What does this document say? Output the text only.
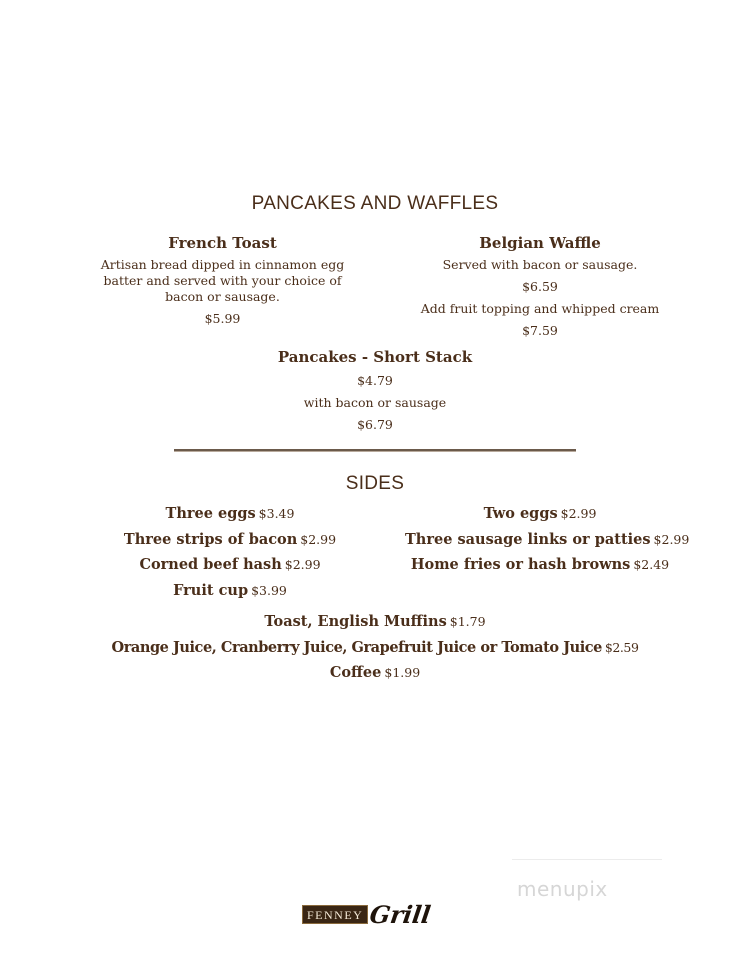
PANCAKES AND WAFFLES
French Toast
Artisan bread dipped in cinnamon egg
batter and served with your choice of
bacon or sausage.
$5.99
Belgian Waffle
Served with bacon or sausage.
$6.59
Add fruit topping and whipped cream
$7.59
Pancakes - Short Stack
$4.79
with bacon or sausage
$6.79
SIDES
Three eggs $3.49
Three strips of bacon $2.99
Corned beef hash $2.99
Fruit cup $3.99
Two eggs $2.99
Three sausage links or patties $2.99
Home fries or hash browns $2.49
Toast, English Muffins $1.79
Orange Juice, Cranberry Juice, Grapefruit Juice or Tomato Juice $2.59
Coffee $1.99
menupix
FENNEY Grill
